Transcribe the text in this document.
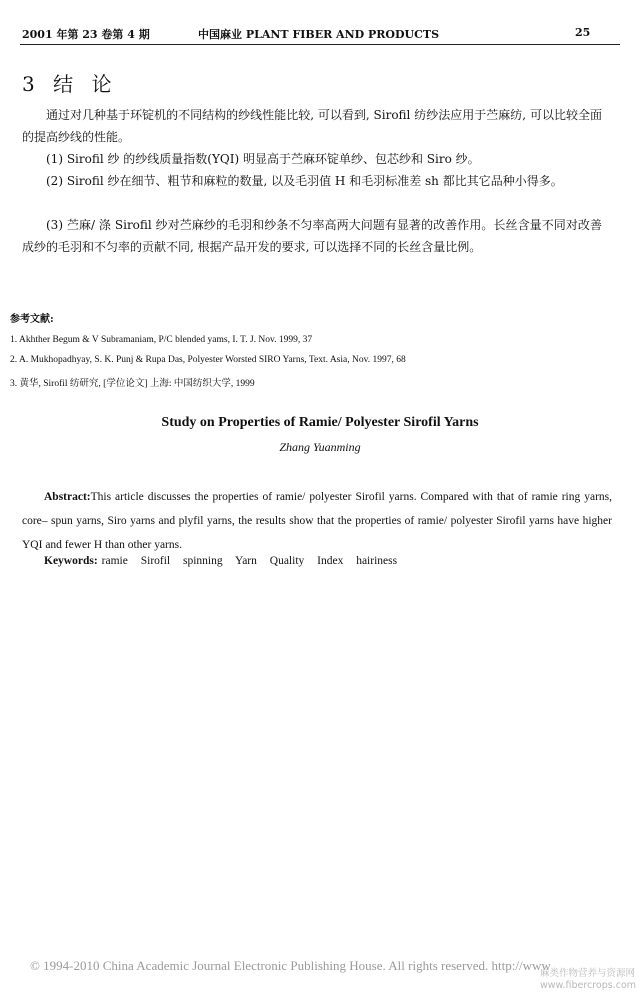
2001 年第 23 卷第 4 期	中国麻业 PLANT FIBER AND PRODUCTS	25
3 结 论

通过对几种基于环锭机的不同结构的纱线性能比较, 可以看到, Sirofil 纺纱法应用于苎麻纺, 可以比较全面的提高纱线的性能。

(1) Sirofil 纱 的纱线质量指数(YQI) 明显高于苎麻环锭单纱、包芯纱和 Siro 纱。

(2) Sirofil 纱在细节、粗节和麻粒的数量, 以及毛羽值 H 和毛羽标准差 sh 都比其它品种小得多。

(3) 苎麻/ 涤 Sirofil 纱对苎麻纱的毛羽和纱条不匀率高两大问题有显著的改善作用。长丝含量不同对改善成纱的毛羽和不匀率的贡献不同, 根据产品开发的要求, 可以选择不同的长丝含量比例。

参考文献:
1. Akhther Begum & V Subramaniam, P/C blended yams, I. T. J. Nov. 1999, 37
2. A. Mukhopadhyay, S. K. Punj & Rupa Das, Polyester Worsted SIRO Yarns, Text. Asia, Nov. 1997, 68
3. 黄华, Sirofil 纺研究, [学位论文] 上海: 中国纺织大学, 1999
Study on Properties of Ramie/ Polyester Sirofil Yarns
Zhang Yuanming

Abstract:This article discusses the properties of ramie/ polyester Sirofil yarns. Compared with that of ramie ring yarns, core– spun yarns, Siro yarns and plyfil yarns, the results show that the properties of ramie/ polyester Sirofil yarns have higher YQI and fewer H than other yarns.

Keywords: ramie Sirofil spinning Yarn Quality Index hairiness
© 1994-2010 China Academic Journal Electronic Publishing House. All rights reserved. http://www
麻类作物营养与资源网
www.fibercrops.com
